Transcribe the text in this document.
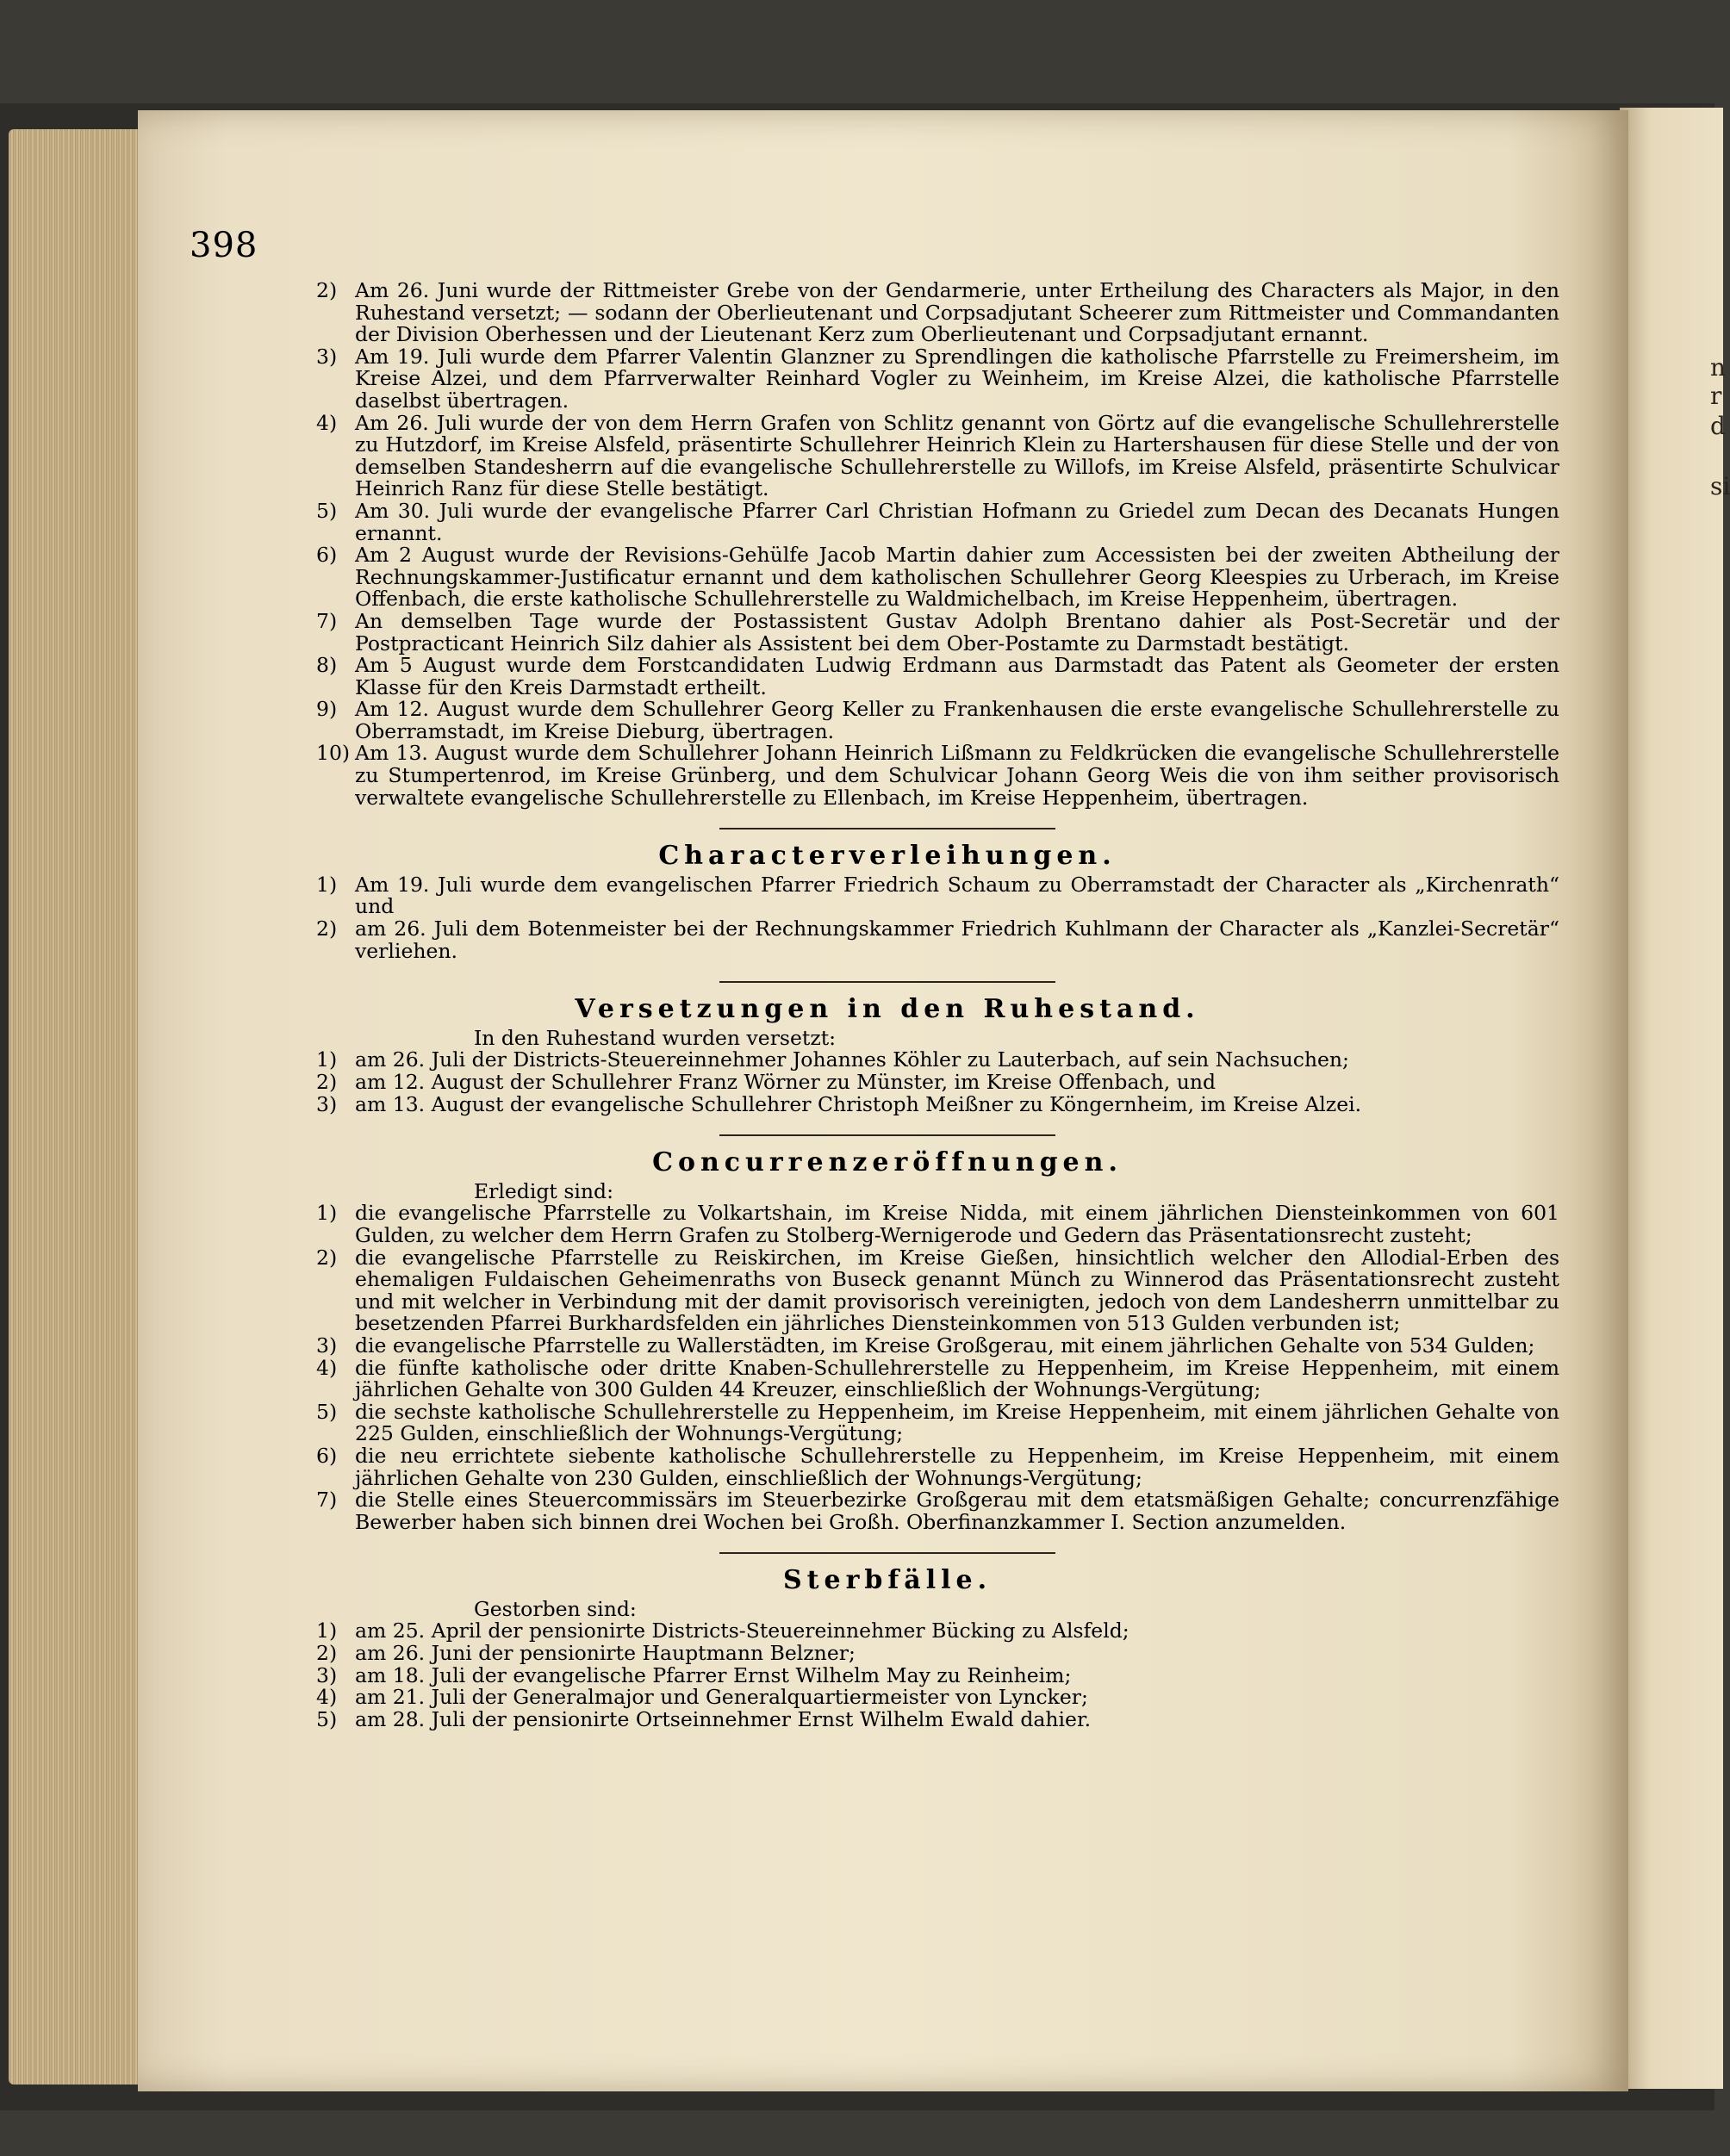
n
r
d
si
398
2) Am 26. Juni wurde der Rittmeister Grebe von der Gendarmerie, unter Ertheilung des Characters als Major, in den Ruhestand versetzt; — sodann der Oberlieutenant und Corpsadjutant Scheerer zum Rittmeister und Commandanten der Division Oberhessen und der Lieutenant Kerz zum Oberlieutenant und Corpsadjutant ernannt.
3) Am 19. Juli wurde dem Pfarrer Valentin Glanzner zu Sprendlingen die katholische Pfarrstelle zu Freimersheim, im Kreise Alzei, und dem Pfarrverwalter Reinhard Vogler zu Weinheim, im Kreise Alzei, die katholische Pfarrstelle daselbst übertragen.
4) Am 26. Juli wurde der von dem Herrn Grafen von Schlitz genannt von Görtz auf die evangelische Schullehrerstelle zu Hutzdorf, im Kreise Alsfeld, präsentirte Schullehrer Heinrich Klein zu Hartershausen für diese Stelle und der von demselben Standesherrn auf die evangelische Schullehrerstelle zu Willofs, im Kreise Alsfeld, präsentirte Schulvicar Heinrich Ranz für diese Stelle bestätigt.
5) Am 30. Juli wurde der evangelische Pfarrer Carl Christian Hofmann zu Griedel zum Decan des Decanats Hungen ernannt.
6) Am 2 August wurde der Revisions-Gehülfe Jacob Martin dahier zum Accessisten bei der zweiten Abtheilung der Rechnungskammer-Justificatur ernannt und dem katholischen Schullehrer Georg Kleespies zu Urberach, im Kreise Offenbach, die erste katholische Schullehrerstelle zu Waldmichelbach, im Kreise Heppenheim, übertragen.
7) An demselben Tage wurde der Postassistent Gustav Adolph Brentano dahier als Post-Secretär und der Postpracticant Heinrich Silz dahier als Assistent bei dem Ober-Postamte zu Darmstadt bestätigt.
8) Am 5 August wurde dem Forstcandidaten Ludwig Erdmann aus Darmstadt das Patent als Geometer der ersten Klasse für den Kreis Darmstadt ertheilt.
9) Am 12. August wurde dem Schullehrer Georg Keller zu Frankenhausen die erste evangelische Schullehrerstelle zu Oberramstadt, im Kreise Dieburg, übertragen.
10) Am 13. August wurde dem Schullehrer Johann Heinrich Lißmann zu Feldkrücken die evangelische Schullehrerstelle zu Stumpertenrod, im Kreise Grünberg, und dem Schulvicar Johann Georg Weis die von ihm seither provisorisch verwaltete evangelische Schullehrerstelle zu Ellenbach, im Kreise Heppenheim, übertragen.
Characterverleihungen.
1) Am 19. Juli wurde dem evangelischen Pfarrer Friedrich Schaum zu Oberramstadt der Character als „Kirchenrath“ und
2) am 26. Juli dem Botenmeister bei der Rechnungskammer Friedrich Kuhlmann der Character als „Kanzlei-Secretär“ verliehen.
Versetzungen in den Ruhestand.
In den Ruhestand wurden versetzt:
1) am 26. Juli der Districts-Steuereinnehmer Johannes Köhler zu Lauterbach, auf sein Nachsuchen;
2) am 12. August der Schullehrer Franz Wörner zu Münster, im Kreise Offenbach, und
3) am 13. August der evangelische Schullehrer Christoph Meißner zu Köngernheim, im Kreise Alzei.
Concurrenzeröffnungen.
Erledigt sind:
1) die evangelische Pfarrstelle zu Volkartshain, im Kreise Nidda, mit einem jährlichen Diensteinkommen von 601 Gulden, zu welcher dem Herrn Grafen zu Stolberg-Wernigerode und Gedern das Präsentationsrecht zusteht;
2) die evangelische Pfarrstelle zu Reiskirchen, im Kreise Gießen, hinsichtlich welcher den Allodial-Erben des ehemaligen Fuldaischen Geheimenraths von Buseck genannt Münch zu Winnerod das Präsentationsrecht zusteht und mit welcher in Verbindung mit der damit provisorisch vereinigten, jedoch von dem Landesherrn unmittelbar zu besetzenden Pfarrei Burkhardsfelden ein jährliches Diensteinkommen von 513 Gulden verbunden ist;
3) die evangelische Pfarrstelle zu Wallerstädten, im Kreise Großgerau, mit einem jährlichen Gehalte von 534 Gulden;
4) die fünfte katholische oder dritte Knaben-Schullehrerstelle zu Heppenheim, im Kreise Heppenheim, mit einem jährlichen Gehalte von 300 Gulden 44 Kreuzer, einschließlich der Wohnungs-Vergütung;
5) die sechste katholische Schullehrerstelle zu Heppenheim, im Kreise Heppenheim, mit einem jährlichen Gehalte von 225 Gulden, einschließlich der Wohnungs-Vergütung;
6) die neu errichtete siebente katholische Schullehrerstelle zu Heppenheim, im Kreise Heppenheim, mit einem jährlichen Gehalte von 230 Gulden, einschließlich der Wohnungs-Vergütung;
7) die Stelle eines Steuercommissärs im Steuerbezirke Großgerau mit dem etatsmäßigen Gehalte; concurrenzfähige Bewerber haben sich binnen drei Wochen bei Großh. Oberfinanzkammer I. Section anzumelden.
Sterbfälle.
Gestorben sind:
1) am 25. April der pensionirte Districts-Steuereinnehmer Bücking zu Alsfeld;
2) am 26. Juni der pensionirte Hauptmann Belzner;
3) am 18. Juli der evangelische Pfarrer Ernst Wilhelm May zu Reinheim;
4) am 21. Juli der Generalmajor und Generalquartiermeister von Lyncker;
5) am 28. Juli der pensionirte Ortseinnehmer Ernst Wilhelm Ewald dahier.
